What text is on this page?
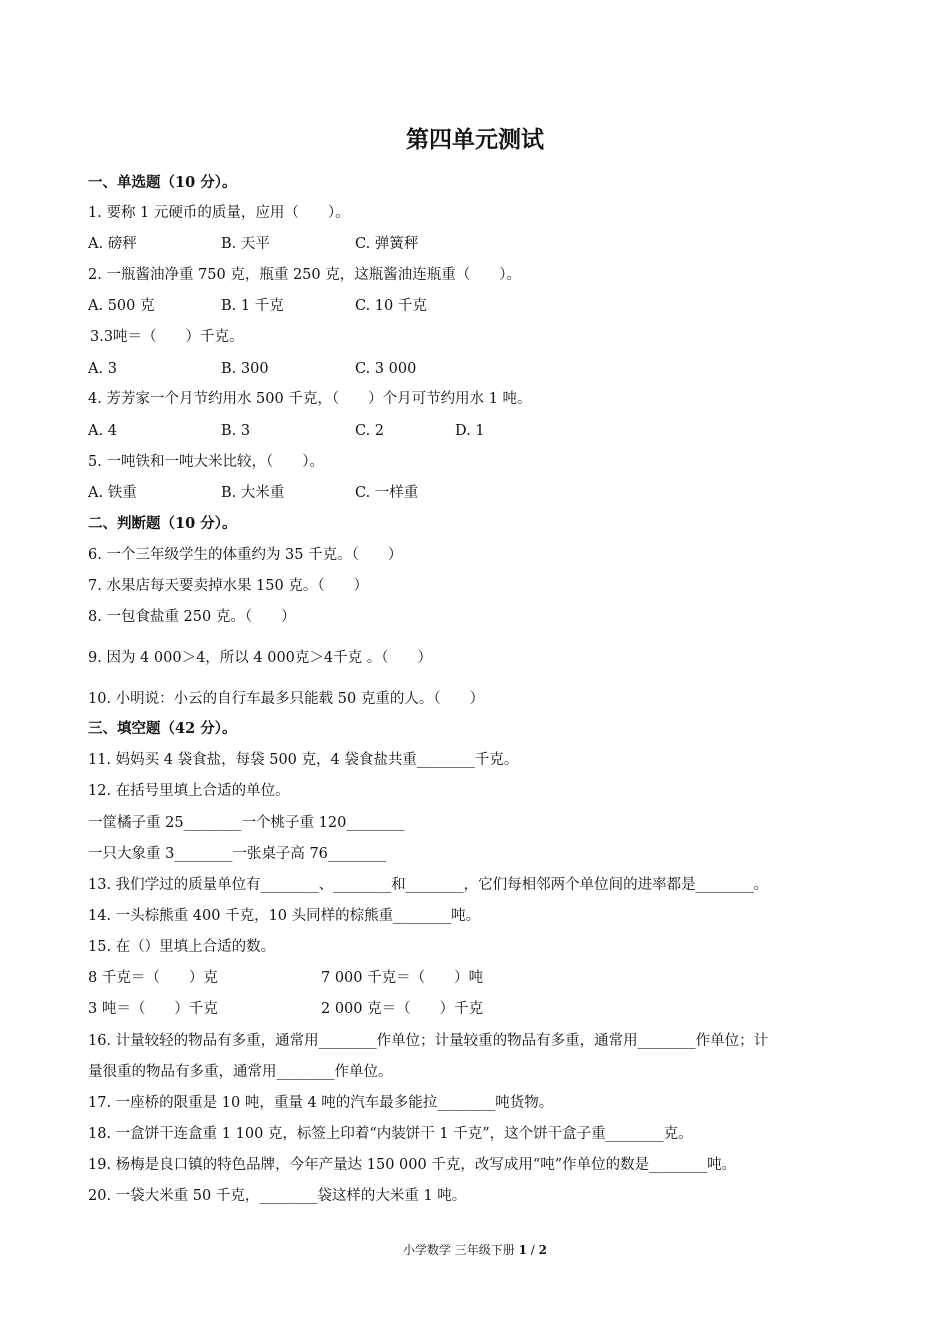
第四单元测试
一、单选题（10 分）。
1. 要称 1 元硬币的质量，应用（　　）。
A. 磅秤	B. 天平	C. 弹簧秤
2. 一瓶酱油净重 750 克，瓶重 250 克，这瓶酱油连瓶重（　　）。
A. 500 克	B. 1 千克	C. 10 千克
3.3吨＝（　　）千克。
A. 3	B. 300	C. 3 000
4. 芳芳家一个月节约用水 500 千克，（　　）个月可节约用水 1 吨。
A. 4	B. 3	C. 2	D. 1
5. 一吨铁和一吨大米比较，（　　）。
A. 铁重	B. 大米重	C. 一样重
二、判断题（10 分）。
6. 一个三年级学生的体重约为 35 千克。（　　）
7. 水果店每天要卖掉水果 150 克。（　　）
8. 一包食盐重 250 克。（　　）
9. 因为 4 000＞4，所以 4 000克＞4千克 。（　　）
10. 小明说：小云的自行车最多只能载 50 克重的人。（　　）
三、填空题（42 分）。
11. 妈妈买 4 袋食盐，每袋 500 克，4 袋食盐共重________千克。
12. 在括号里填上合适的单位。
一筐橘子重 25________一个桃子重 120________
一只大象重 3________一张桌子高 76________
13. 我们学过的质量单位有________、________和________，它们每相邻两个单位间的进率都是________。
14. 一头棕熊重 400 千克，10 头同样的棕熊重________吨。
15. 在（）里填上合适的数。
8 千克＝（　　）克	7 000 千克＝（　　）吨
3 吨＝（　　）千克	2 000 克＝（　　）千克
16. 计量较轻的物品有多重，通常用________作单位；计量较重的物品有多重，通常用________作单位；计
量很重的物品有多重，通常用________作单位。
17. 一座桥的限重是 10 吨，重量 4 吨的汽车最多能拉________吨货物。
18. 一盒饼干连盒重 1 100 克，标签上印着“内装饼干 1 千克”，这个饼干盒子重________克。
19. 杨梅是良口镇的特色品牌，今年产量达 150 000 千克，改写成用“吨”作单位的数是________吨。
20. 一袋大米重 50 千克，________袋这样的大米重 1 吨。
小学数学 三年级下册 1 / 2
